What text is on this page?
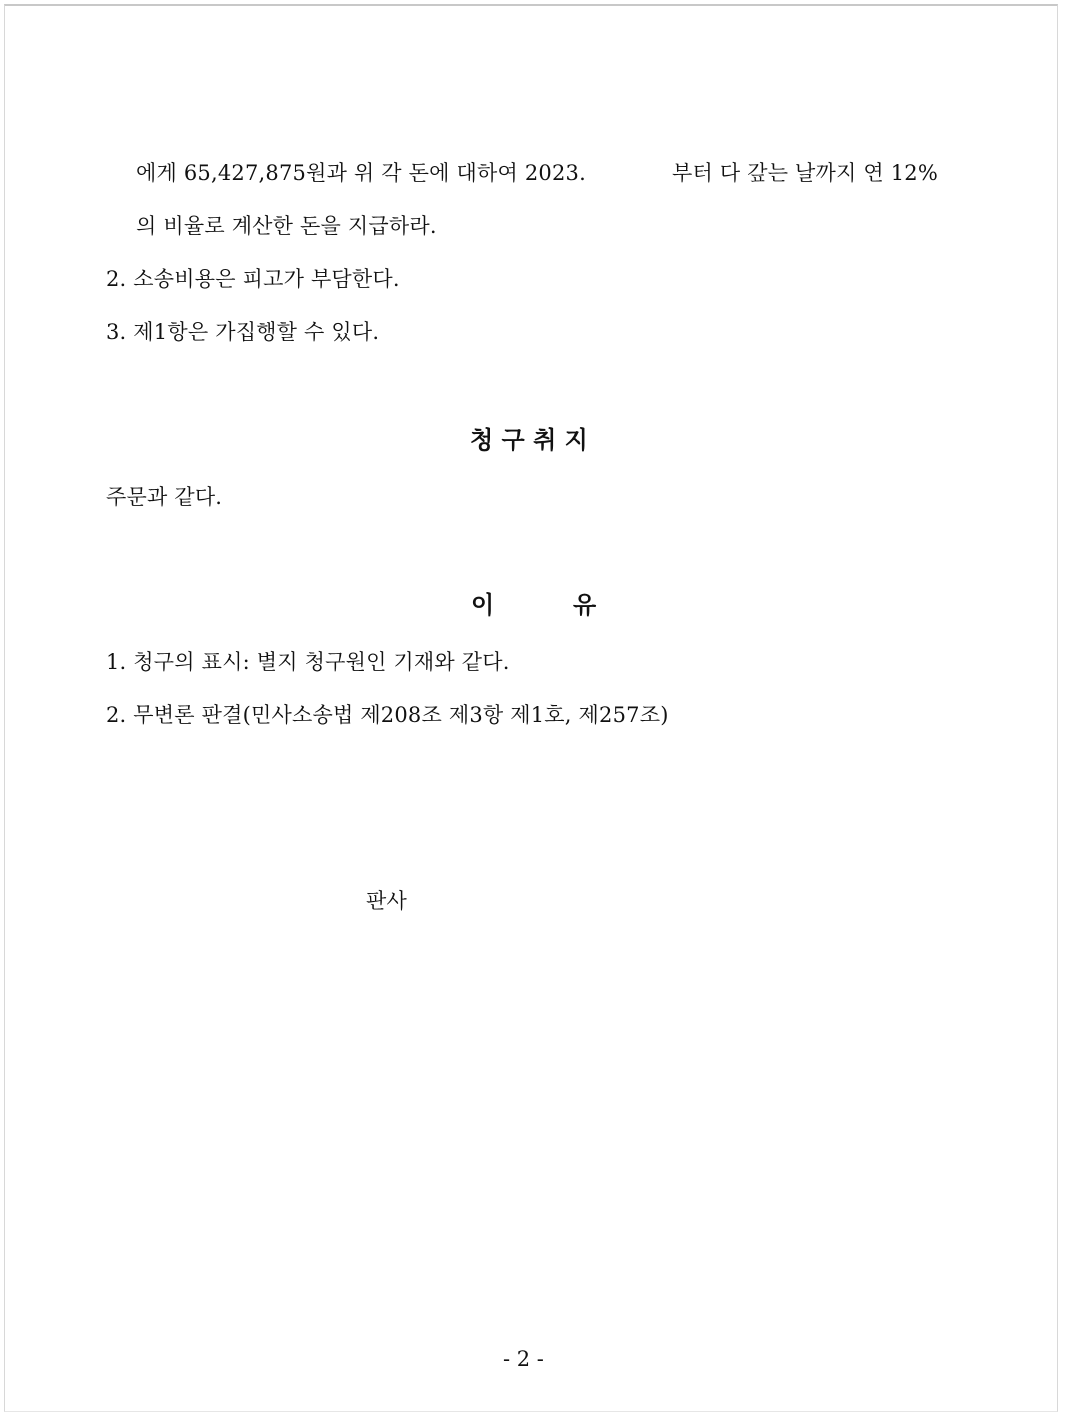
에게 65,427,875원과 위 각 돈에 대하여 2023.	부터 다 갚는 날까지 연 12%
의 비율로 계산한 돈을 지급하라.
2. 소송비용은 피고가 부담한다.
3. 제1항은 가집행할 수 있다.
청 구 취 지
주문과 같다.
이	유
1. 청구의 표시: 별지 청구원인 기재와 같다.
2. 무변론 판결(민사소송법 제208조 제3항 제1호, 제257조)
판사
- 2 -
